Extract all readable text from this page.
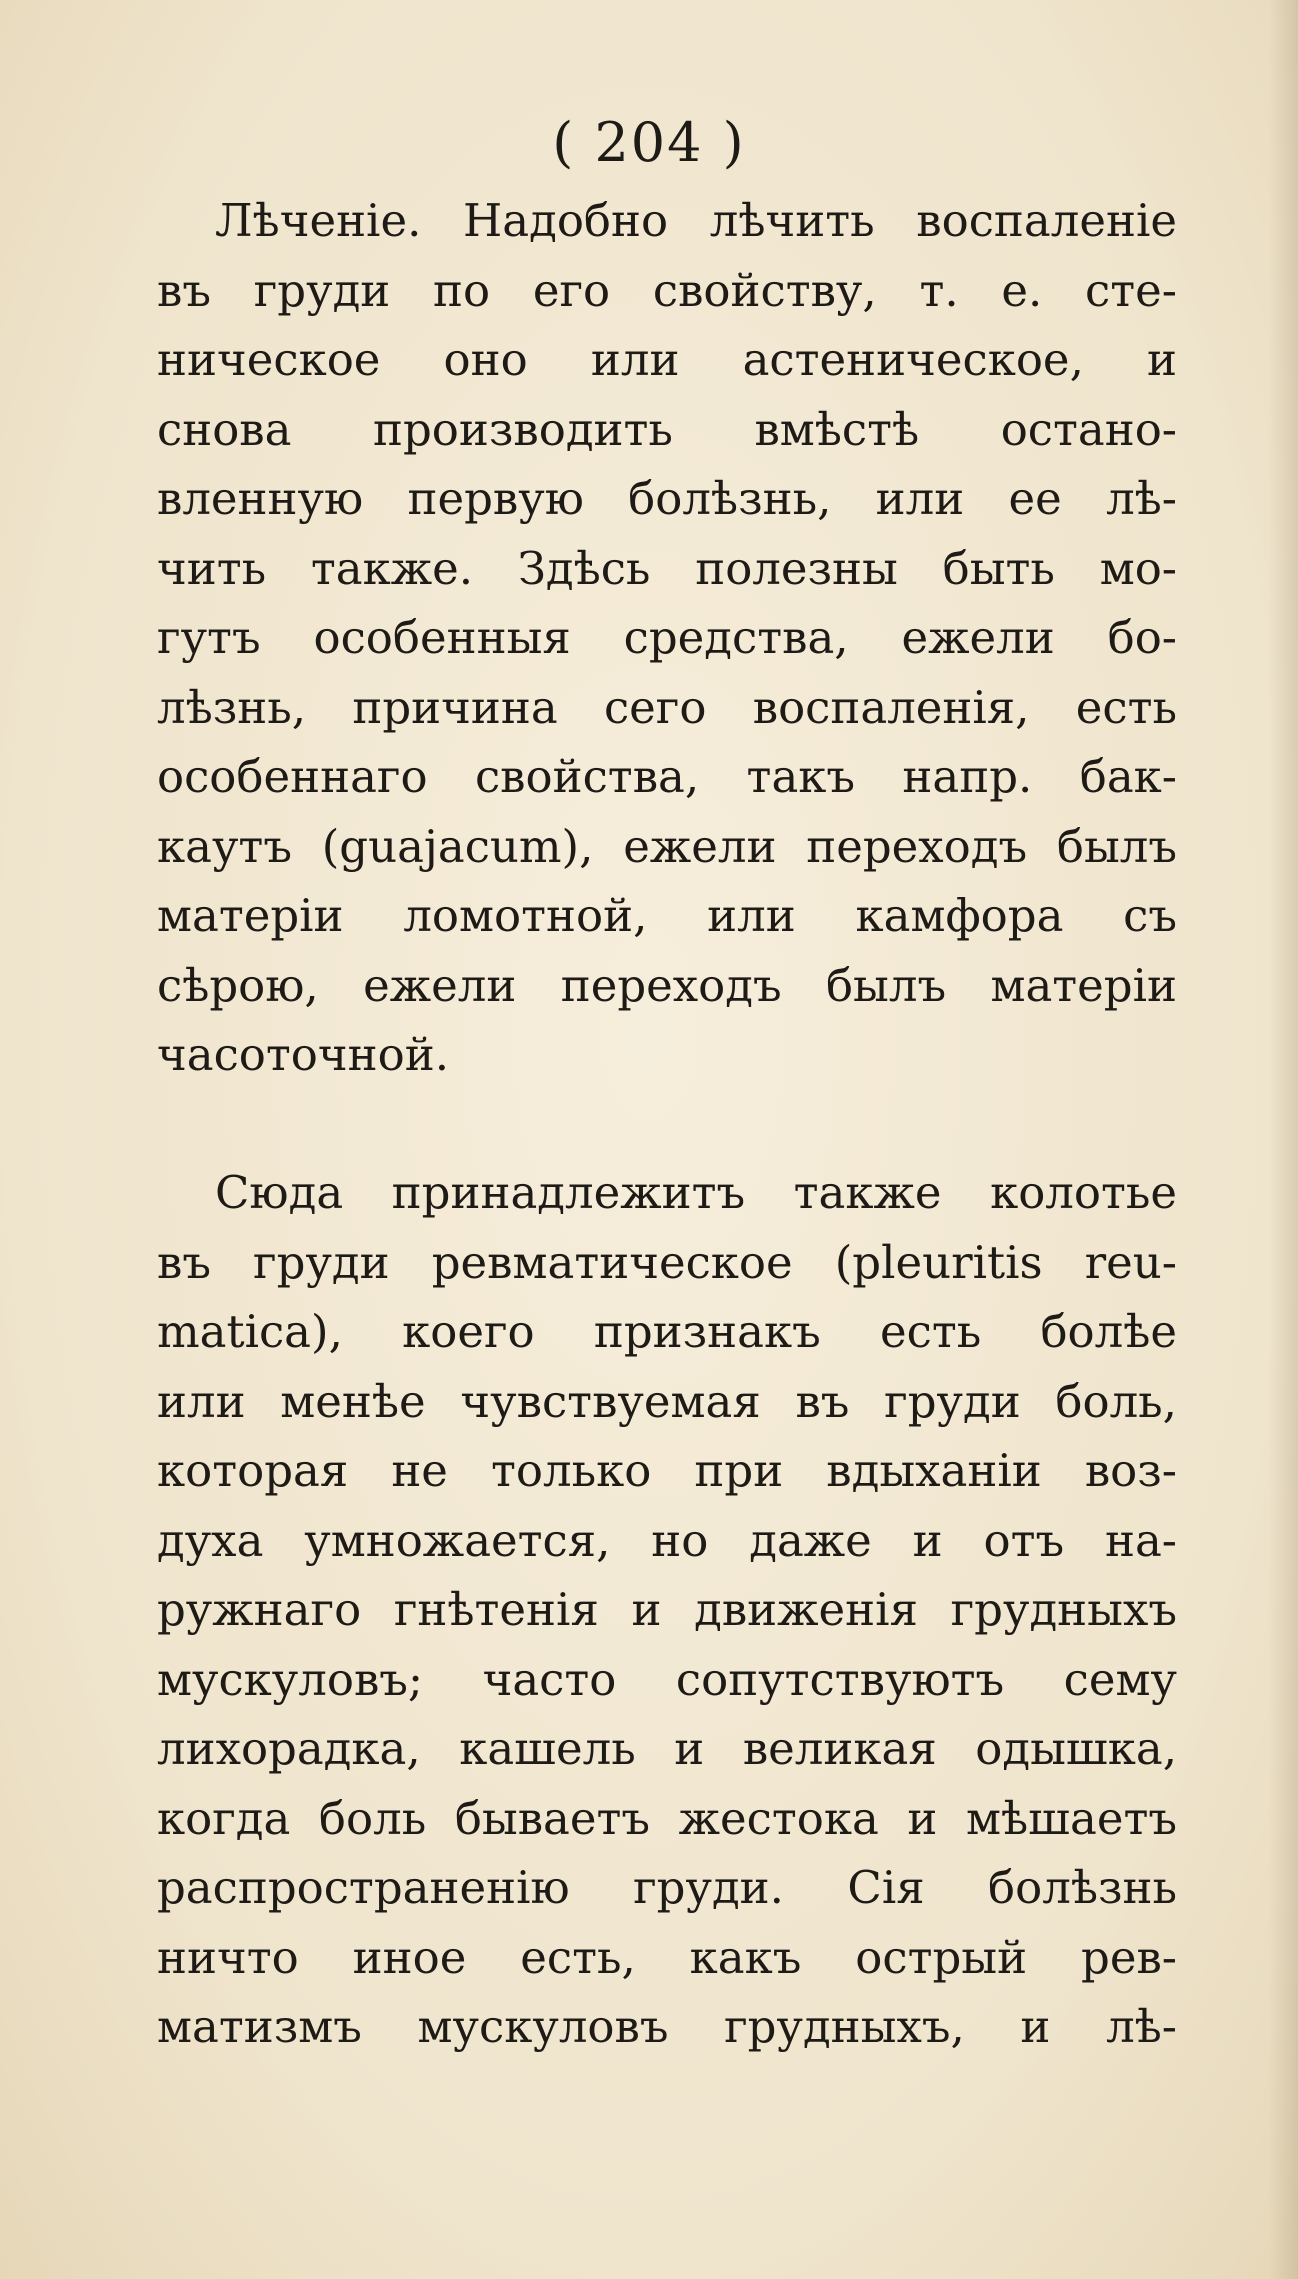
( 204 )
Лѣченiе. Надобно лѣчить воспаленiе
въ груди по его свойству, т. е. сте-
ническое оно или астеническое, и
снова производить вмѣстѣ остано-
вленную первую болѣзнь, или ее лѣ-
чить также. Здѣсь полезны быть мо-
гутъ особенныя средства, ежели бо-
лѣзнь, причина сего воспаленiя, есть
особеннаго свойства, такъ напр. бак-
каутъ (guajacum), ежели переходъ былъ
матерiи ломотной, или камфора съ
сѣрою, ежели переходъ былъ матерiи
часоточной.
Сюда принадлежитъ также колотье
въ груди ревматическое (pleuritis reu-
matica), коего признакъ есть болѣе
или менѣе чувствуемая въ груди боль,
которая не только при вдыханiи воз-
духа умножается, но даже и отъ на-
ружнаго гнѣтенiя и движенiя грудныхъ
мускуловъ; часто сопутствуютъ сему
лихорадка, кашель и великая одышка,
когда боль бываетъ жестока и мѣшаетъ
распространенiю груди. Сiя болѣзнь
ничто иное есть, какъ острый рев-
матизмъ мускуловъ грудныхъ, и лѣ-
